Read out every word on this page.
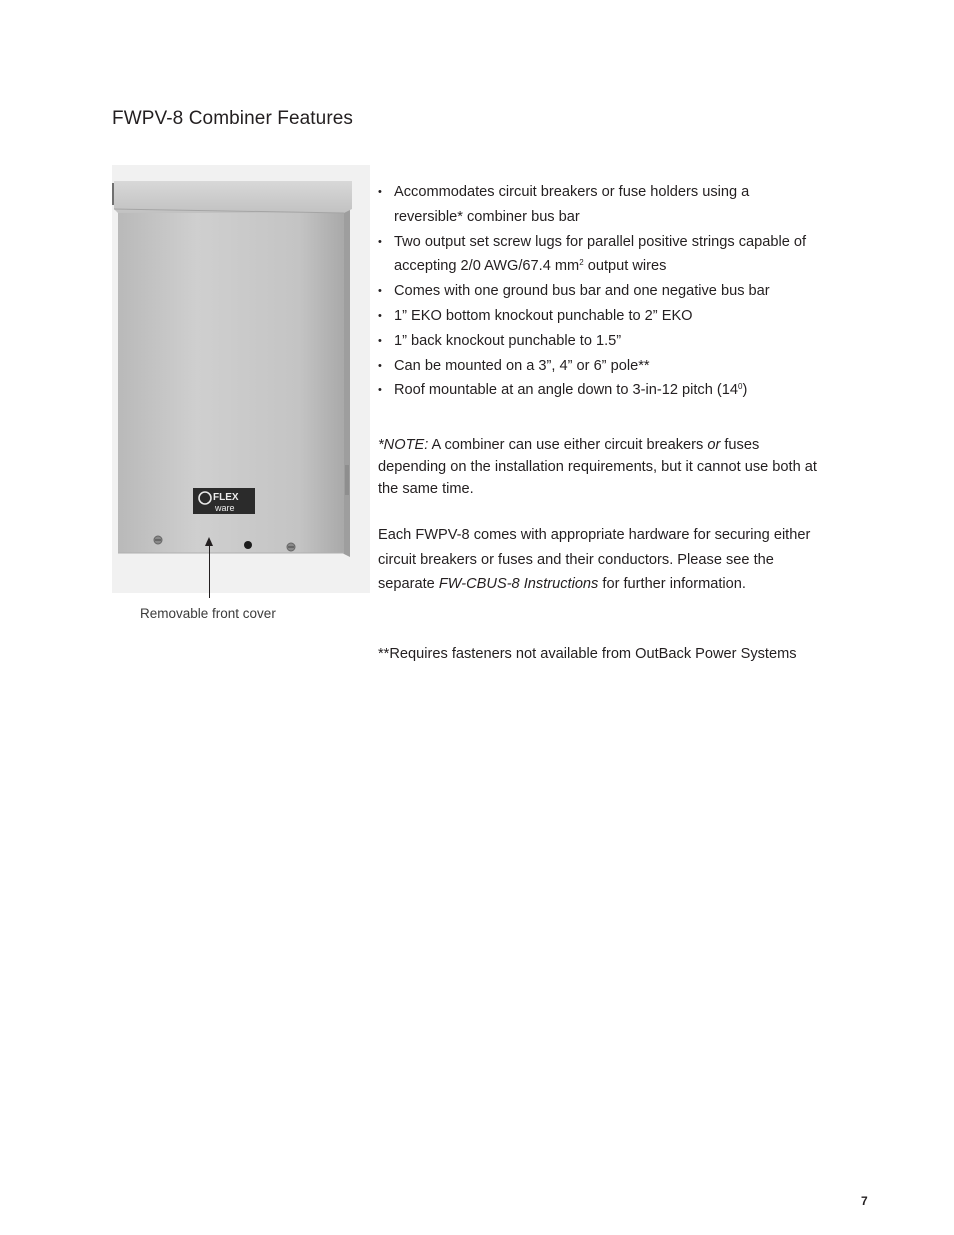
FWPV-8 Combiner Features
FLEX
ware
Removable front cover
• Accommodates circuit breakers or fuse holders using a reversible* combiner bus bar
• Two output set screw lugs for parallel positive strings capable of accepting 2/0 AWG/67.4 $mm^2$ output wires
• Comes with one ground bus bar and one negative bus bar
• 1” EKO bottom knockout punchable to 2” EKO
• 1” back knockout punchable to 1.5”
• Can be mounted on a 3”, 4” or 6” pole**
• Roof mountable at an angle down to 3-in-12 pitch $(14^0)$

*NOTE: A combiner can use either circuit breakers or fuses depending on the installation requirements, but it cannot use both at the same time.

Each FWPV-8 comes with appropriate hardware for securing either circuit breakers or fuses and their conductors. Please see the separate FW-CBUS-8 Instructions for further information.

**Requires fasteners not available from OutBack Power Systems

7
